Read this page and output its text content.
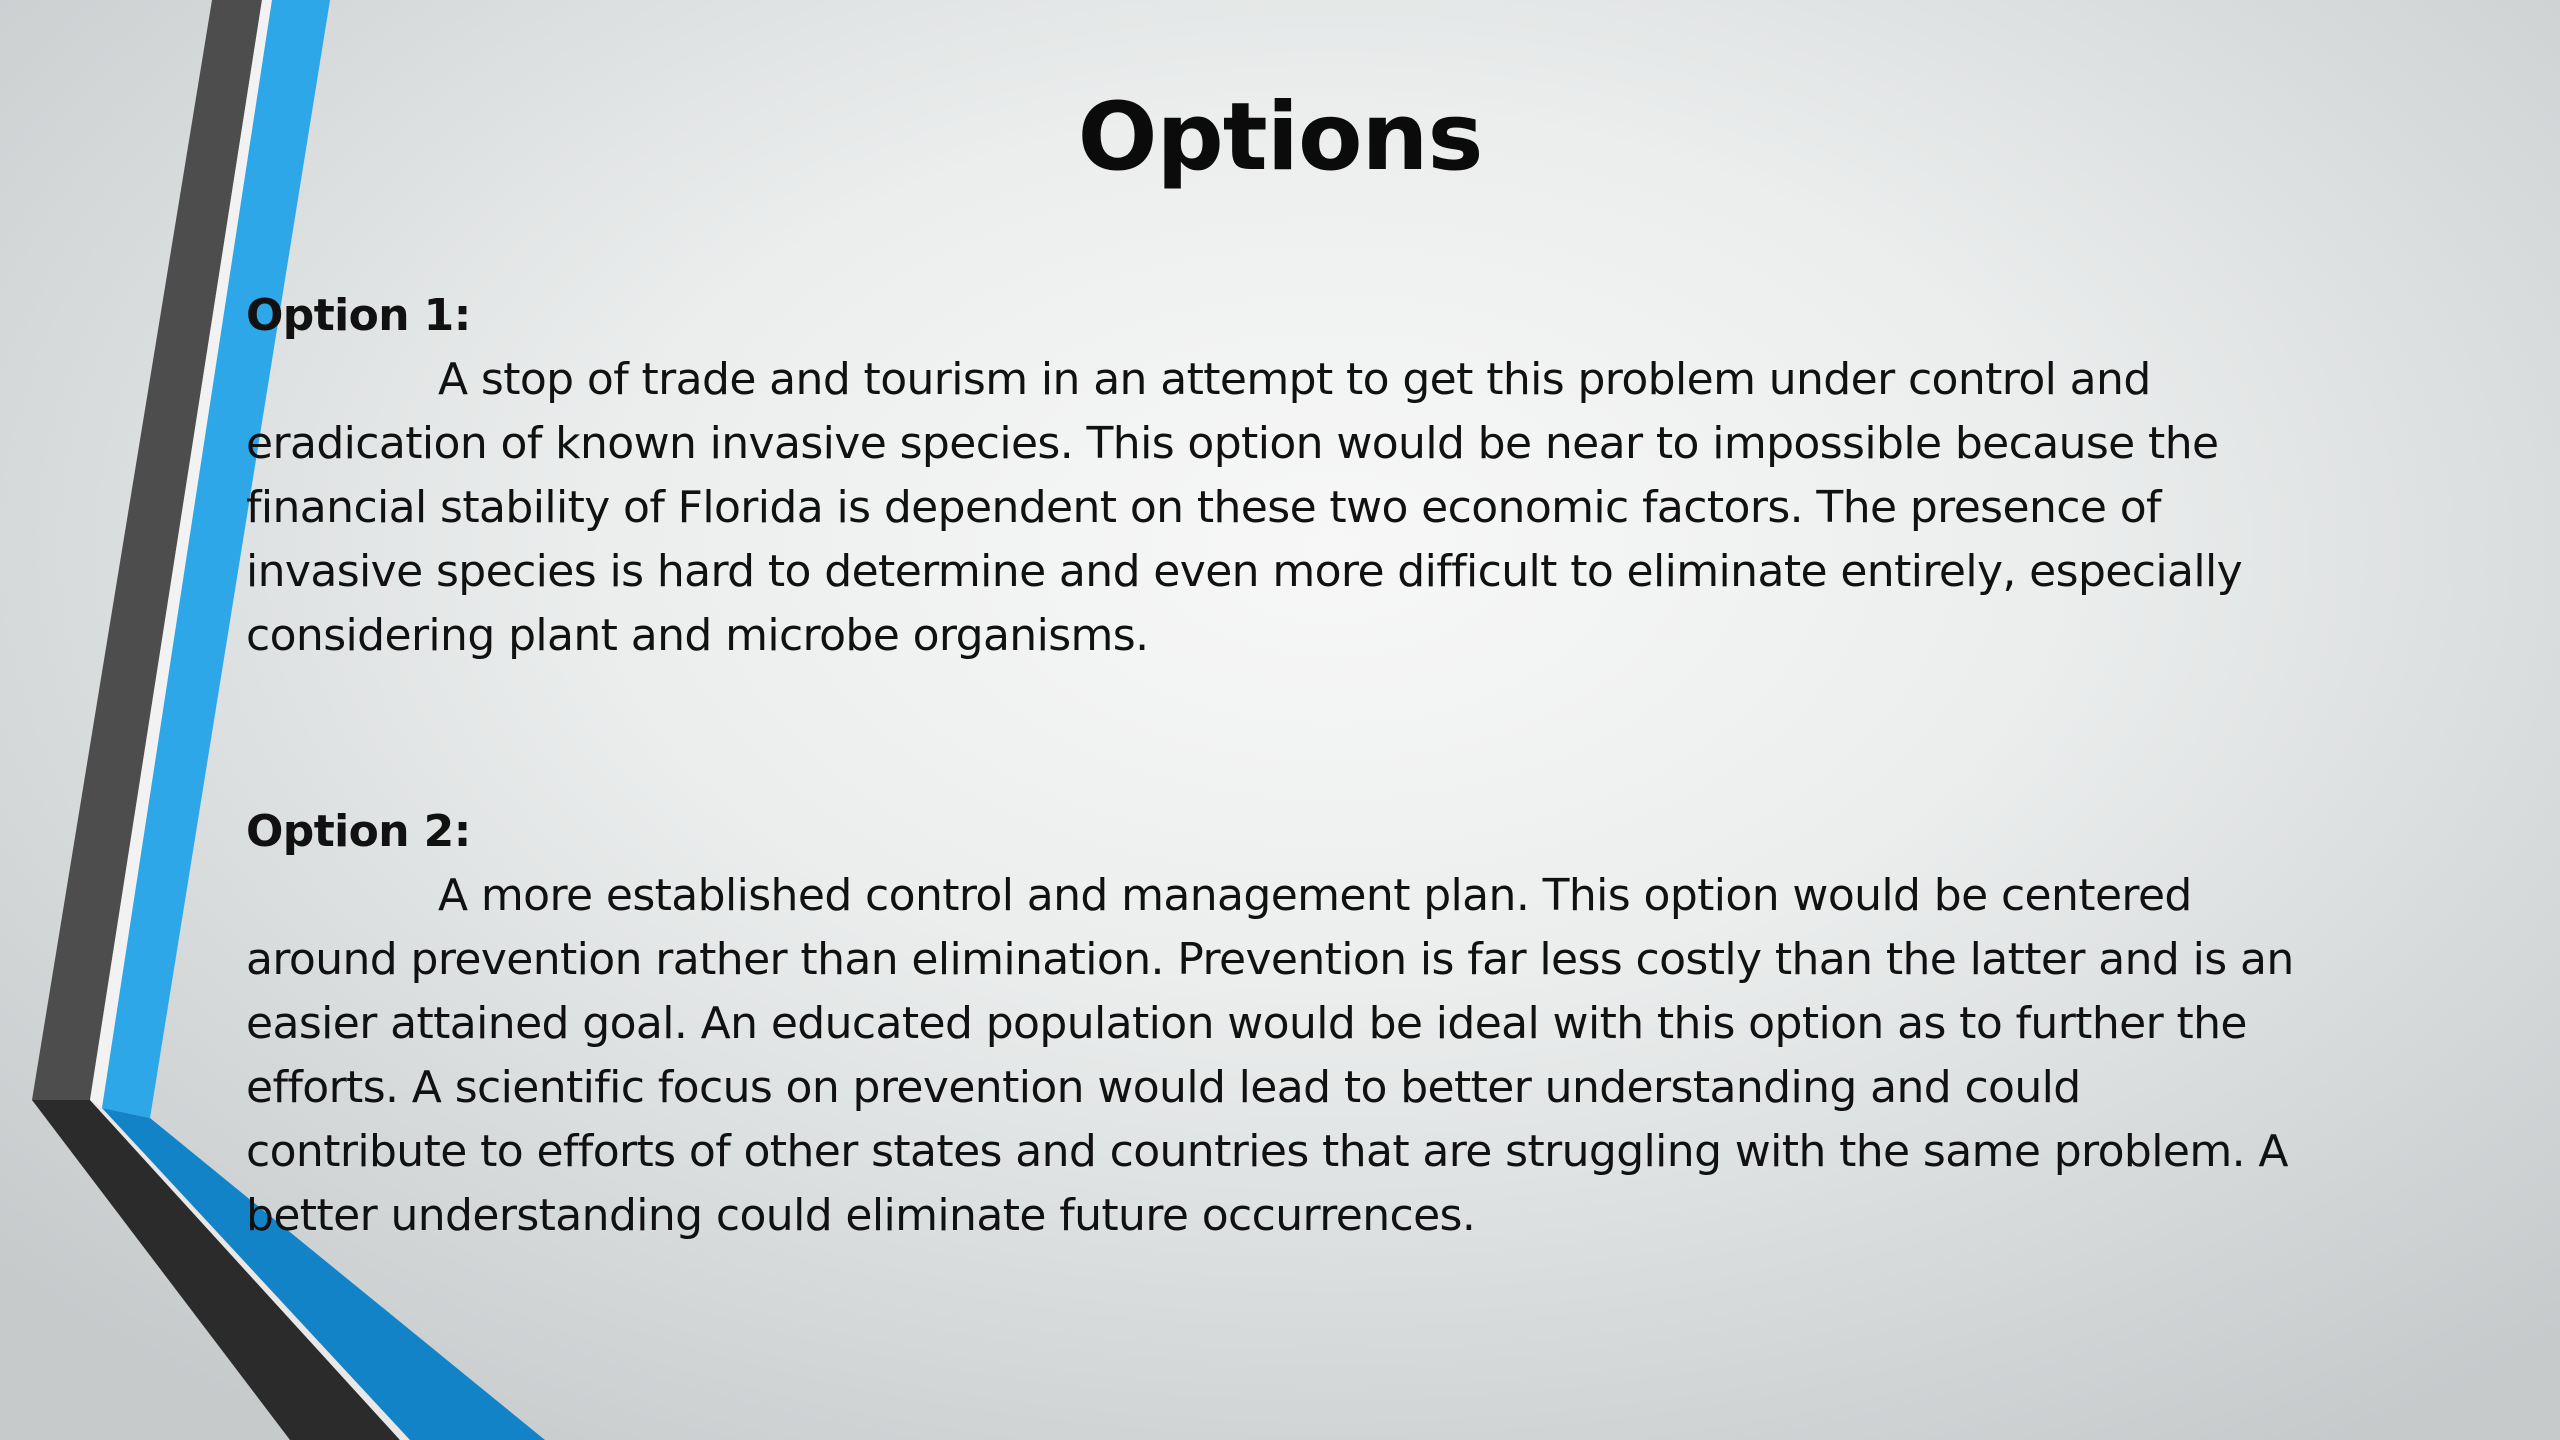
Options

Option 1:

A stop of trade and tourism in an attempt to get this problem under control and eradication of known invasive species. This option would be near to impossible because the financial stability of Florida is dependent on these two economic factors. The presence of invasive species is hard to determine and even more difficult to eliminate entirely, especially considering plant and microbe organisms.

Option 2:

A more established control and management plan. This option would be centered around prevention rather than elimination. Prevention is far less costly than the latter and is an easier attained goal. An educated population would be ideal with this option as to further the efforts. A scientific focus on prevention would lead to better understanding and could contribute to efforts of other states and countries that are struggling with the same problem. A better understanding could eliminate future occurrences.
